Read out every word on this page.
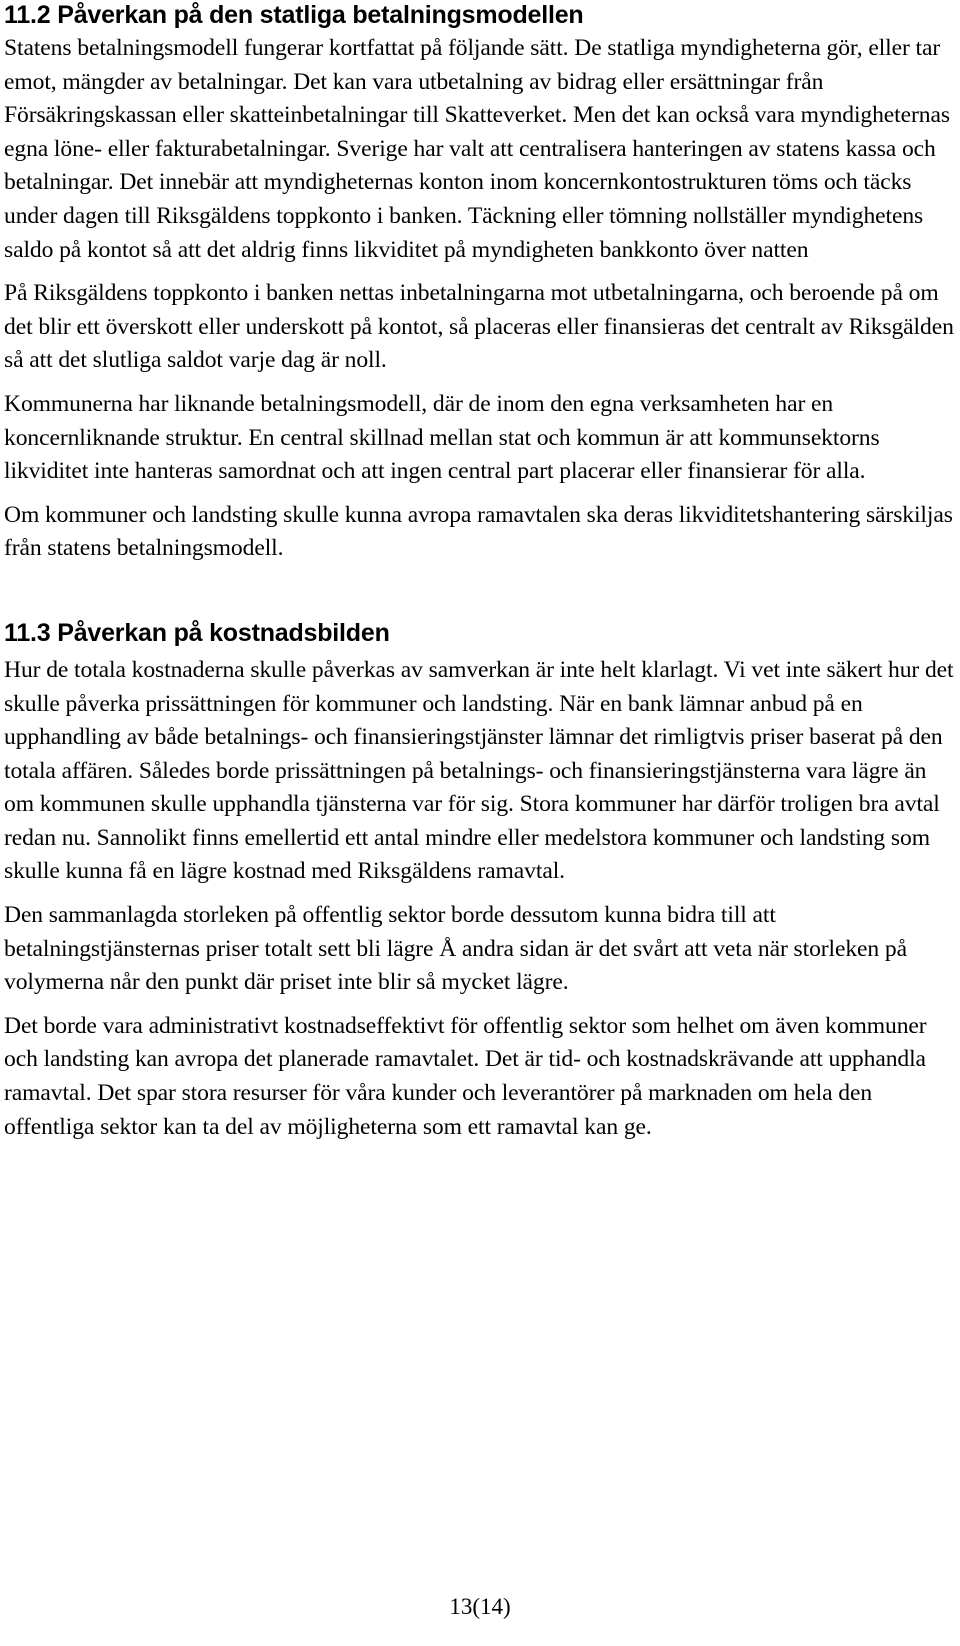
11.2 Påverkan på den statliga betalningsmodellen

Statens betalningsmodell fungerar kortfattat på följande sätt. De statliga myndigheterna gör, eller tar emot, mängder av betalningar. Det kan vara utbetalning av bidrag eller ersättningar från Försäkringskassan eller skatteinbetalningar till Skatteverket. Men det kan också vara myndigheternas egna löne- eller fakturabetalningar. Sverige har valt att centralisera hanteringen av statens kassa och betalningar. Det innebär att myndigheternas konton inom koncernkontostrukturen töms och täcks under dagen till Riksgäldens toppkonto i banken. Täckning eller tömning nollställer myndighetens saldo på kontot så att det aldrig finns likviditet på myndigheten bankkonto över natten

På Riksgäldens toppkonto i banken nettas inbetalningarna mot utbetalningarna, och beroende på om det blir ett överskott eller underskott på kontot, så placeras eller finansieras det centralt av Riksgälden så att det slutliga saldot varje dag är noll.

Kommunerna har liknande betalningsmodell, där de inom den egna verksamheten har en koncernliknande struktur. En central skillnad mellan stat och kommun är att kommunsektorns likviditet inte hanteras samordnat och att ingen central part placerar eller finansierar för alla.

Om kommuner och landsting skulle kunna avropa ramavtalen ska deras likviditetshantering särskiljas från statens betalningsmodell.

11.3 Påverkan på kostnadsbilden

Hur de totala kostnaderna skulle påverkas av samverkan är inte helt klarlagt. Vi vet inte säkert hur det skulle påverka prissättningen för kommuner och landsting. När en bank lämnar anbud på en upphandling av både betalnings- och finansieringstjänster lämnar det rimligtvis priser baserat på den totala affären. Således borde prissättningen på betalnings- och finansieringstjänsterna vara lägre än om kommunen skulle upphandla tjänsterna var för sig. Stora kommuner har därför troligen bra avtal redan nu. Sannolikt finns emellertid ett antal mindre eller medelstora kommuner och landsting som skulle kunna få en lägre kostnad med Riksgäldens ramavtal.

Den sammanlagda storleken på offentlig sektor borde dessutom kunna bidra till att betalningstjänsternas priser totalt sett bli lägre Å andra sidan är det svårt att veta när storleken på volymerna når den punkt där priset inte blir så mycket lägre.

Det borde vara administrativt kostnadseffektivt för offentlig sektor som helhet om även kommuner och landsting kan avropa det planerade ramavtalet. Det är tid- och kostnadskrävande att upphandla ramavtal. Det spar stora resurser för våra kunder och leverantörer på marknaden om hela den offentliga sektor kan ta del av möjligheterna som ett ramavtal kan ge.

13(14)
